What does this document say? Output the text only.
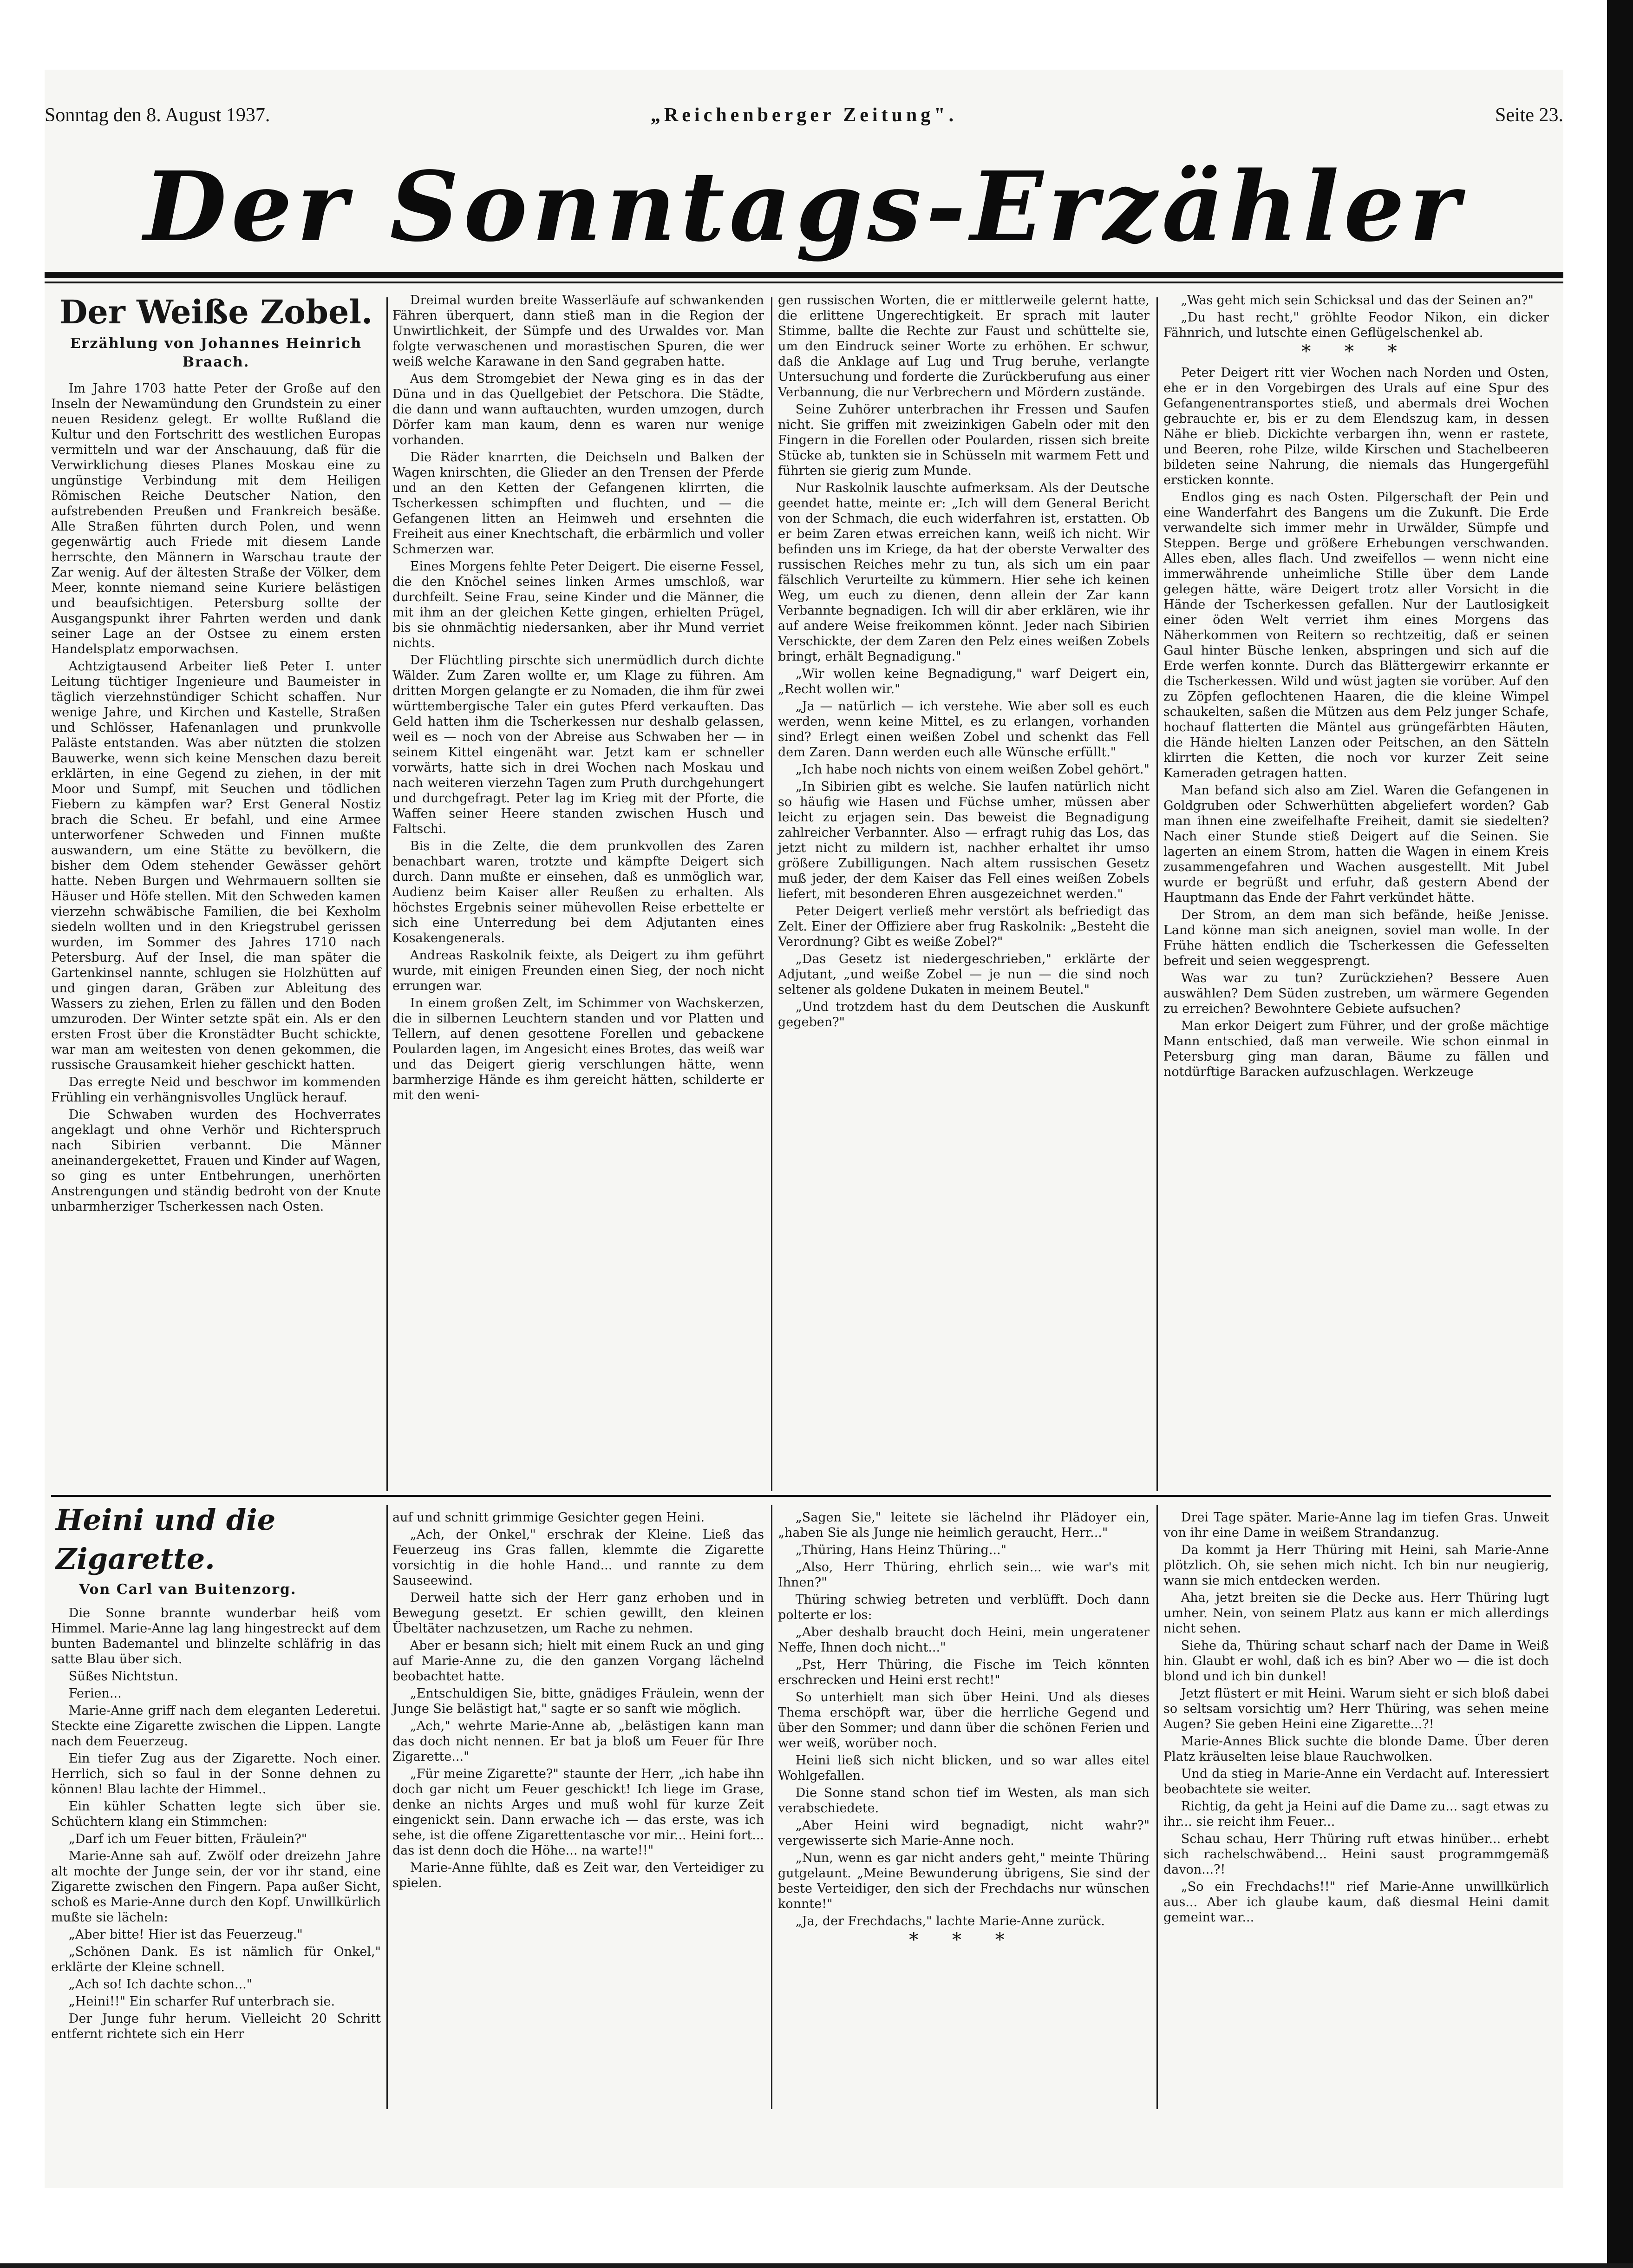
Sonntag den 8. August 1937.	„Reichenberger Zeitung".	Seite 23.
Der Sonntags-Erzähler

Der Weiße Zobel.

Erzählung von Johannes Heinrich Braach.

Im Jahre 1703 hatte Peter der Große auf den Inseln der Newamündung den Grundstein zu einer neuen Residenz gelegt. Er wollte Rußland die Kultur und den Fortschritt des westlichen Europas vermitteln und war der Anschauung, daß für die Verwirklichung dieses Planes Moskau eine zu ungünstige Verbindung mit dem Heiligen Römischen Reiche Deutscher Nation, den aufstrebenden Preußen und Frankreich besäße. Alle Straßen führten durch Polen, und wenn gegenwärtig auch Friede mit diesem Lande herrschte, den Männern in Warschau traute der Zar wenig. Auf der ältesten Straße der Völker, dem Meer, konnte niemand seine Kuriere belästigen und beaufsichtigen. Petersburg sollte der Ausgangspunkt ihrer Fahrten werden und dank seiner Lage an der Ostsee zu einem ersten Handelsplatz emporwachsen.

Achtzigtausend Arbeiter ließ Peter I. unter Leitung tüchtiger Ingenieure und Baumeister in täglich vierzehnstündiger Schicht schaffen. Nur wenige Jahre, und Kirchen und Kastelle, Straßen und Schlösser, Hafenanlagen und prunkvolle Paläste entstanden. Was aber nützten die stolzen Bauwerke, wenn sich keine Menschen dazu bereit erklärten, in eine Gegend zu ziehen, in der mit Moor und Sumpf, mit Seuchen und tödlichen Fiebern zu kämpfen war? Erst General Nostiz brach die Scheu. Er befahl, und eine Armee unterworfener Schweden und Finnen mußte auswandern, um eine Stätte zu bevölkern, die bisher dem Odem stehender Gewässer gehört hatte. Neben Burgen und Wehrmauern sollten sie Häuser und Höfe stellen. Mit den Schweden kamen vierzehn schwäbische Familien, die bei Kexholm siedeln wollten und in den Kriegstrubel gerissen wurden, im Sommer des Jahres 1710 nach Petersburg. Auf der Insel, die man später die Gartenkinsel nannte, schlugen sie Holzhütten auf und gingen daran, Gräben zur Ableitung des Wassers zu ziehen, Erlen zu fällen und den Boden umzuroden. Der Winter setzte spät ein. Als er den ersten Frost über die Kronstädter Bucht schickte, war man am weitesten von denen gekommen, die russische Grausamkeit hieher geschickt hatten.

Das erregte Neid und beschwor im kommenden Frühling ein verhängnisvolles Unglück herauf.

Die Schwaben wurden des Hochverrates angeklagt und ohne Verhör und Richterspruch nach Sibirien verbannt. Die Männer aneinandergekettet, Frauen und Kinder auf Wagen, so ging es unter Entbehrungen, unerhörten Anstrengungen und ständig bedroht von der Knute unbarmherziger Tscherkessen nach Osten.

Dreimal wurden breite Wasserläufe auf schwankenden Fähren überquert, dann stieß man in die Region der Unwirtlichkeit, der Sümpfe und des Urwaldes vor. Man folgte verwaschenen und morastischen Spuren, die wer weiß welche Karawane in den Sand gegraben hatte.

Aus dem Stromgebiet der Newa ging es in das der Düna und in das Quellgebiet der Petschora. Die Städte, die dann und wann auftauchten, wurden umzogen, durch Dörfer kam man kaum, denn es waren nur wenige vorhanden.

Die Räder knarrten, die Deichseln und Balken der Wagen knirschten, die Glieder an den Trensen der Pferde und an den Ketten der Gefangenen klirrten, die Tscherkessen schimpften und fluchten, und — die Gefangenen litten an Heimweh und ersehnten die Freiheit aus einer Knechtschaft, die erbärmlich und voller Schmerzen war.

Eines Morgens fehlte Peter Deigert. Die eiserne Fessel, die den Knöchel seines linken Armes umschloß, war durchfeilt. Seine Frau, seine Kinder und die Männer, die mit ihm an der gleichen Kette gingen, erhielten Prügel, bis sie ohnmächtig niedersanken, aber ihr Mund verriet nichts.

Der Flüchtling pirschte sich unermüdlich durch dichte Wälder. Zum Zaren wollte er, um Klage zu führen. Am dritten Morgen gelangte er zu Nomaden, die ihm für zwei württembergische Taler ein gutes Pferd verkauften. Das Geld hatten ihm die Tscherkessen nur deshalb gelassen, weil es — noch von der Abreise aus Schwaben her — in seinem Kittel eingenäht war. Jetzt kam er schneller vorwärts, hatte sich in drei Wochen nach Moskau und nach weiteren vierzehn Tagen zum Pruth durchgehungert und durchgefragt. Peter lag im Krieg mit der Pforte, die Waffen seiner Heere standen zwischen Husch und Faltschi.

Bis in die Zelte, die dem prunkvollen des Zaren benachbart waren, trotzte und kämpfte Deigert sich durch. Dann mußte er einsehen, daß es unmöglich war, Audienz beim Kaiser aller Reußen zu erhalten. Als höchstes Ergebnis seiner mühevollen Reise erbettelte er sich eine Unterredung bei dem Adjutanten eines Kosakengenerals.

Andreas Raskolnik feixte, als Deigert zu ihm geführt wurde, mit einigen Freunden einen Sieg, der noch nicht errungen war.

In einem großen Zelt, im Schimmer von Wachskerzen, die in silbernen Leuchtern standen und vor Platten und Tellern, auf denen gesottene Forellen und gebackene Poularden lagen, im Angesicht eines Brotes, das weiß war und das Deigert gierig verschlungen hätte, wenn barmherzige Hände es ihm gereicht hätten, schilderte er mit den weni-

gen russischen Worten, die er mittlerweile gelernt hatte, die erlittene Ungerechtigkeit. Er sprach mit lauter Stimme, ballte die Rechte zur Faust und schüttelte sie, um den Eindruck seiner Worte zu erhöhen. Er schwur, daß die Anklage auf Lug und Trug beruhe, verlangte Untersuchung und forderte die Zurückberufung aus einer Verbannung, die nur Verbrechern und Mördern zustände.

Seine Zuhörer unterbrachen ihr Fressen und Saufen nicht. Sie griffen mit zweizinkigen Gabeln oder mit den Fingern in die Forellen oder Poularden, rissen sich breite Stücke ab, tunkten sie in Schüsseln mit warmem Fett und führten sie gierig zum Munde.

Nur Raskolnik lauschte aufmerksam. Als der Deutsche geendet hatte, meinte er: „Ich will dem General Bericht von der Schmach, die euch widerfahren ist, erstatten. Ob er beim Zaren etwas erreichen kann, weiß ich nicht. Wir befinden uns im Kriege, da hat der oberste Verwalter des russischen Reiches mehr zu tun, als sich um ein paar fälschlich Verurteilte zu kümmern. Hier sehe ich keinen Weg, um euch zu dienen, denn allein der Zar kann Verbannte begnadigen. Ich will dir aber erklären, wie ihr auf andere Weise freikommen könnt. Jeder nach Sibirien Verschickte, der dem Zaren den Pelz eines weißen Zobels bringt, erhält Begnadigung."

„Wir wollen keine Begnadigung," warf Deigert ein, „Recht wollen wir."

„Ja — natürlich — ich verstehe. Wie aber soll es euch werden, wenn keine Mittel, es zu erlangen, vorhanden sind? Erlegt einen weißen Zobel und schenkt das Fell dem Zaren. Dann werden euch alle Wünsche erfüllt."

„Ich habe noch nichts von einem weißen Zobel gehört."

„In Sibirien gibt es welche. Sie laufen natürlich nicht so häufig wie Hasen und Füchse umher, müssen aber leicht zu erjagen sein. Das beweist die Begnadigung zahlreicher Verbannter. Also — erfragt ruhig das Los, das jetzt nicht zu mildern ist, nachher erhaltet ihr umso größere Zubilligungen. Nach altem russischen Gesetz muß jeder, der dem Kaiser das Fell eines weißen Zobels liefert, mit besonderen Ehren ausgezeichnet werden."

Peter Deigert verließ mehr verstört als befriedigt das Zelt. Einer der Offiziere aber frug Raskolnik: „Besteht die Verordnung? Gibt es weiße Zobel?"

„Das Gesetz ist niedergeschrieben," erklärte der Adjutant, „und weiße Zobel — je nun — die sind noch seltener als goldene Dukaten in meinem Beutel."

„Und trotzdem hast du dem Deutschen die Auskunft gegeben?"

„Was geht mich sein Schicksal und das der Seinen an?"

„Du hast recht," gröhlte Feodor Nikon, ein dicker Fähnrich, und lutschte einen Geflügelschenkel ab.

* * *

Peter Deigert ritt vier Wochen nach Norden und Osten, ehe er in den Vorgebirgen des Urals auf eine Spur des Gefangenentransportes stieß, und abermals drei Wochen gebrauchte er, bis er zu dem Elendszug kam, in dessen Nähe er blieb. Dickichte verbargen ihn, wenn er rastete, und Beeren, rohe Pilze, wilde Kirschen und Stachelbeeren bildeten seine Nahrung, die niemals das Hungergefühl ersticken konnte.

Endlos ging es nach Osten. Pilgerschaft der Pein und eine Wanderfahrt des Bangens um die Zukunft. Die Erde verwandelte sich immer mehr in Urwälder, Sümpfe und Steppen. Berge und größere Erhebungen verschwanden. Alles eben, alles flach. Und zweifellos — wenn nicht eine immerwährende unheimliche Stille über dem Lande gelegen hätte, wäre Deigert trotz aller Vorsicht in die Hände der Tscherkessen gefallen. Nur der Lautlosigkeit einer öden Welt verriet ihm eines Morgens das Näherkommen von Reitern so rechtzeitig, daß er seinen Gaul hinter Büsche lenken, abspringen und sich auf die Erde werfen konnte. Durch das Blättergewirr erkannte er die Tscherkessen. Wild und wüst jagten sie vorüber. Auf den zu Zöpfen geflochtenen Haaren, die die kleine Wimpel schaukelten, saßen die Mützen aus dem Pelz junger Schafe, hochauf flatterten die Mäntel aus grüngefärbten Häuten, die Hände hielten Lanzen oder Peitschen, an den Sätteln klirrten die Ketten, die noch vor kurzer Zeit seine Kameraden getragen hatten.

Man befand sich also am Ziel. Waren die Gefangenen in Goldgruben oder Schwerhütten abgeliefert worden? Gab man ihnen eine zweifelhafte Freiheit, damit sie siedelten? Nach einer Stunde stieß Deigert auf die Seinen. Sie lagerten an einem Strom, hatten die Wagen in einem Kreis zusammengefahren und Wachen ausgestellt. Mit Jubel wurde er begrüßt und erfuhr, daß gestern Abend der Hauptmann das Ende der Fahrt verkündet hätte.

Der Strom, an dem man sich befände, heiße Jenisse. Land könne man sich aneignen, soviel man wolle. In der Frühe hätten endlich die Tscherkessen die Gefesselten befreit und seien weggesprengt.

Was war zu tun? Zurückziehen? Bessere Auen auswählen? Dem Süden zustreben, um wärmere Gegenden zu erreichen? Bewohntere Gebiete aufsuchen?

Man erkor Deigert zum Führer, und der große mächtige Mann entschied, daß man verweile. Wie schon einmal in Petersburg ging man daran, Bäume zu fällen und notdürftige Baracken aufzuschlagen. Werkzeuge

Heini und die Zigarette.

Von Carl van Buitenzorg.

Die Sonne brannte wunderbar heiß vom Himmel. Marie-Anne lag lang hingestreckt auf dem bunten Bademantel und blinzelte schläfrig in das satte Blau über sich.

Süßes Nichtstun.

Ferien...

Marie-Anne griff nach dem eleganten Lederetui. Steckte eine Zigarette zwischen die Lippen. Langte nach dem Feuerzeug.

Ein tiefer Zug aus der Zigarette. Noch einer. Herrlich, sich so faul in der Sonne dehnen zu können! Blau lachte der Himmel..

Ein kühler Schatten legte sich über sie. Schüchtern klang ein Stimmchen:

„Darf ich um Feuer bitten, Fräulein?"

Marie-Anne sah auf. Zwölf oder dreizehn Jahre alt mochte der Junge sein, der vor ihr stand, eine Zigarette zwischen den Fingern. Papa außer Sicht, schoß es Marie-Anne durch den Kopf. Unwillkürlich mußte sie lächeln:

„Aber bitte! Hier ist das Feuerzeug."

„Schönen Dank. Es ist nämlich für Onkel," erklärte der Kleine schnell.

„Ach so! Ich dachte schon..."

„Heini!!" Ein scharfer Ruf unterbrach sie.

Der Junge fuhr herum. Vielleicht 20 Schritt entfernt richtete sich ein Herr

auf und schnitt grimmige Gesichter gegen Heini.

„Ach, der Onkel," erschrak der Kleine. Ließ das Feuerzeug ins Gras fallen, klemmte die Zigarette vorsichtig in die hohle Hand... und rannte zu dem Sauseewind.

Derweil hatte sich der Herr ganz erhoben und in Bewegung gesetzt. Er schien gewillt, den kleinen Übeltäter nachzusetzen, um Rache zu nehmen.

Aber er besann sich; hielt mit einem Ruck an und ging auf Marie-Anne zu, die den ganzen Vorgang lächelnd beobachtet hatte.

„Entschuldigen Sie, bitte, gnädiges Fräulein, wenn der Junge Sie belästigt hat," sagte er so sanft wie möglich.

„Ach," wehrte Marie-Anne ab, „belästigen kann man das doch nicht nennen. Er bat ja bloß um Feuer für Ihre Zigarette..."

„Für meine Zigarette?" staunte der Herr, „ich habe ihn doch gar nicht um Feuer geschickt! Ich liege im Grase, denke an nichts Arges und muß wohl für kurze Zeit eingenickt sein. Dann erwache ich — das erste, was ich sehe, ist die offene Zigarettentasche vor mir... Heini fort... das ist denn doch die Höhe... na warte!!"

Marie-Anne fühlte, daß es Zeit war, den Verteidiger zu spielen.

„Sagen Sie," leitete sie lächelnd ihr Plädoyer ein, „haben Sie als Junge nie heimlich geraucht, Herr..."

„Thüring, Hans Heinz Thüring..."

„Also, Herr Thüring, ehrlich sein... wie war's mit Ihnen?"

Thüring schwieg betreten und verblüfft. Doch dann polterte er los:

„Aber deshalb braucht doch Heini, mein ungeratener Neffe, Ihnen doch nicht..."

„Pst, Herr Thüring, die Fische im Teich könnten erschrecken und Heini erst recht!"

So unterhielt man sich über Heini. Und als dieses Thema erschöpft war, über die herrliche Gegend und über den Sommer; und dann über die schönen Ferien und wer weiß, worüber noch.

Heini ließ sich nicht blicken, und so war alles eitel Wohlgefallen.

Die Sonne stand schon tief im Westen, als man sich verabschiedete.

„Aber Heini wird begnadigt, nicht wahr?" vergewisserte sich Marie-Anne noch.

„Nun, wenn es gar nicht anders geht," meinte Thüring gutgelaunt. „Meine Bewunderung übrigens, Sie sind der beste Verteidiger, den sich der Frechdachs nur wünschen konnte!"

„Ja, der Frechdachs," lachte Marie-Anne zurück.

* * *

Drei Tage später. Marie-Anne lag im tiefen Gras. Unweit von ihr eine Dame in weißem Strandanzug.

Da kommt ja Herr Thüring mit Heini, sah Marie-Anne plötzlich. Oh, sie sehen mich nicht. Ich bin nur neugierig, wann sie mich entdecken werden.

Aha, jetzt breiten sie die Decke aus. Herr Thüring lugt umher. Nein, von seinem Platz aus kann er mich allerdings nicht sehen.

Siehe da, Thüring schaut scharf nach der Dame in Weiß hin. Glaubt er wohl, daß ich es bin? Aber wo — die ist doch blond und ich bin dunkel!

Jetzt flüstert er mit Heini. Warum sieht er sich bloß dabei so seltsam vorsichtig um? Herr Thüring, was sehen meine Augen? Sie geben Heini eine Zigarette...?!

Marie-Annes Blick suchte die blonde Dame. Über deren Platz kräuselten leise blaue Rauchwolken.

Und da stieg in Marie-Anne ein Verdacht auf. Interessiert beobachtete sie weiter.

Richtig, da geht ja Heini auf die Dame zu... sagt etwas zu ihr... sie reicht ihm Feuer...

Schau schau, Herr Thüring ruft etwas hinüber... erhebt sich rachelschwäbend... Heini saust programmgemäß davon...?!

„So ein Frechdachs!!" rief Marie-Anne unwillkürlich aus... Aber ich glaube kaum, daß diesmal Heini damit gemeint war...
